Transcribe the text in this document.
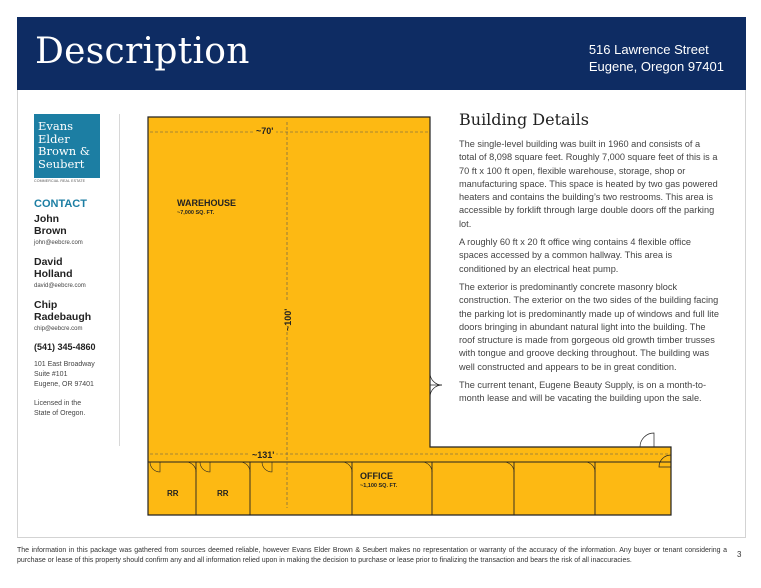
Description	516 Lawrence Street
Eugene, Oregon 97401
Evans
Elder
Brown &
Seubert
COMMERCIAL REAL ESTATE
CONTACT
John Brown
john@eebcre.com
David Holland
david@eebcre.com
Chip Radebaugh
chip@eebcre.com
(541) 345-4860
101 East Broadway
Suite #101
Eugene, OR 97401
Licensed in the
State of Oregon.
~70'
~100'
~131'
WAREHOUSE
~7,000 SQ. FT.
OFFICE
~1,100 SQ. FT.
RR	RR
Building Details

The single-level building was built in 1960 and consists of a total of 8,098 square feet. Roughly 7,000 square feet of this is a 70 ft x 100 ft open, flexible warehouse, storage, shop or manufacturing space. This space is heated by two gas powered heaters and contains the building’s two restrooms. This area is accessible by forklift through large double doors off the parking lot.

A roughly 60 ft x 20 ft office wing contains 4 flexible office spaces accessed by a common hallway. This area is conditioned by an electrical heat pump.

The exterior is predominantly concrete masonry block construction. The exterior on the two sides of the building facing the parking lot is predominantly made up of windows and full lite doors bringing in abundant natural light into the building. The roof structure is made from gorgeous old growth timber trusses with tongue and groove decking throughout. The building was well constructed and appears to be in great condition.

The current tenant, Eugene Beauty Supply, is on a month-to-month lease and will be vacating the building upon the sale.

The information in this package was gathered from sources deemed reliable, however Evans Elder Brown & Seubert makes no representation or warranty of the accuracy of the information. Any buyer or tenant considering a purchase or lease of this property should confirm any and all information relied upon in making the decision to purchase or lease prior to finalizing the transaction and bears the risk of all inaccuracies.
3
